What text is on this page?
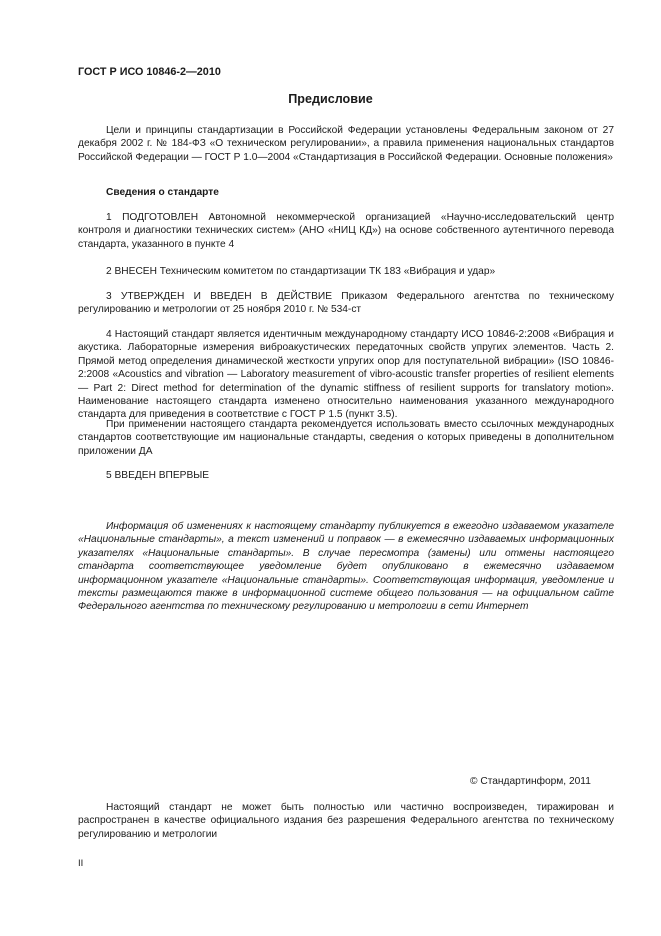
ГОСТ Р ИСО 10846-2—2010
Предисловие

Цели и принципы стандартизации в Российской Федерации установлены Федеральным законом от 27 декабря 2002 г. № 184-ФЗ «О техническом регулировании», а правила применения национальных стандартов Российской Федерации — ГОСТ Р 1.0—2004 «Стандартизация в Российской Федерации. Основные положения»

Сведения о стандарте

1 ПОДГОТОВЛЕН Автономной некоммерческой организацией «Научно-исследовательский центр контроля и диагностики технических систем» (АНО «НИЦ КД») на основе собственного аутентичного перевода стандарта, указанного в пункте 4

2 ВНЕСЕН Техническим комитетом по стандартизации ТК 183 «Вибрация и удар»

3 УТВЕРЖДЕН И ВВЕДЕН В ДЕЙСТВИЕ Приказом Федерального агентства по техническому регулированию и метрологии от 25 ноября 2010 г. № 534-ст

4 Настоящий стандарт является идентичным международному стандарту ИСО 10846-2:2008 «Вибрация и акустика. Лабораторные измерения виброакустических передаточных свойств упругих элементов. Часть 2. Прямой метод определения динамической жесткости упругих опор для поступательной вибрации» (ISO 10846-2:2008 «Acoustics and vibration — Laboratory measurement of vibro-acoustic transfer properties of resilient elements — Part 2: Direct method for determination of the dynamic stiffness of resilient supports for translatory motion». Наименование настоящего стандарта изменено относительно наименования указанного международного стандарта для приведения в соответствие с ГОСТ Р 1.5 (пункт 3.5).

При применении настоящего стандарта рекомендуется использовать вместо ссылочных международных стандартов соответствующие им национальные стандарты, сведения о которых приведены в дополнительном приложении ДА

5 ВВЕДЕН ВПЕРВЫЕ

Информация об изменениях к настоящему стандарту публикуется в ежегодно издаваемом указателе «Национальные стандарты», а текст изменений и поправок — в ежемесячно издаваемых информационных указателях «Национальные стандарты». В случае пересмотра (замены) или отмены настоящего стандарта соответствующее уведомление будет опубликовано в ежемесячно издаваемом информационном указателе «Национальные стандарты». Соответствующая информация, уведомление и тексты размещаются также в информационной системе общего пользования — на официальном сайте Федерального агентства по техническому регулированию и метрологии в сети Интернет

© Стандартинформ, 2011

Настоящий стандарт не может быть полностью или частично воспроизведен, тиражирован и распространен в качестве официального издания без разрешения Федерального агентства по техническому регулированию и метрологии

II
